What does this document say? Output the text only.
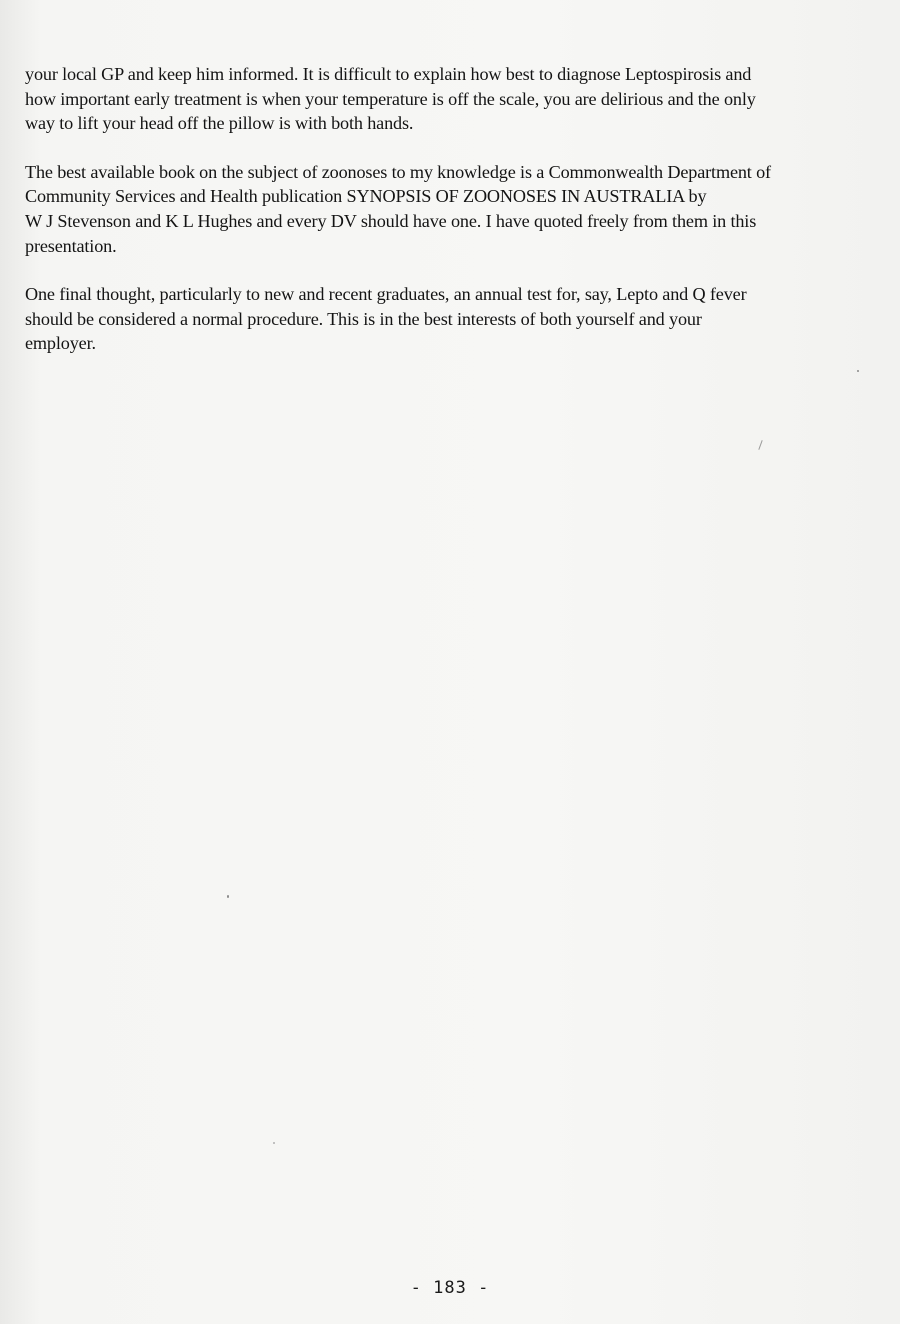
your local GP and keep him informed. It is difficult to explain how best to diagnose Leptospirosis and
how important early treatment is when your temperature is off the scale, you are delirious and the only
way to lift your head off the pillow is with both hands.

The best available book on the subject of zoonoses to my knowledge is a Commonwealth Department of
Community Services and Health publication SYNOPSIS OF ZOONOSES IN AUSTRALIA by
W J Stevenson and K L Hughes and every DV should have one. I have quoted freely from them in this
presentation.

One final thought, particularly to new and recent graduates, an annual test for, say, Lepto and Q fever
should be considered a normal procedure. This is in the best interests of both yourself and your
employer.

- 183 -
